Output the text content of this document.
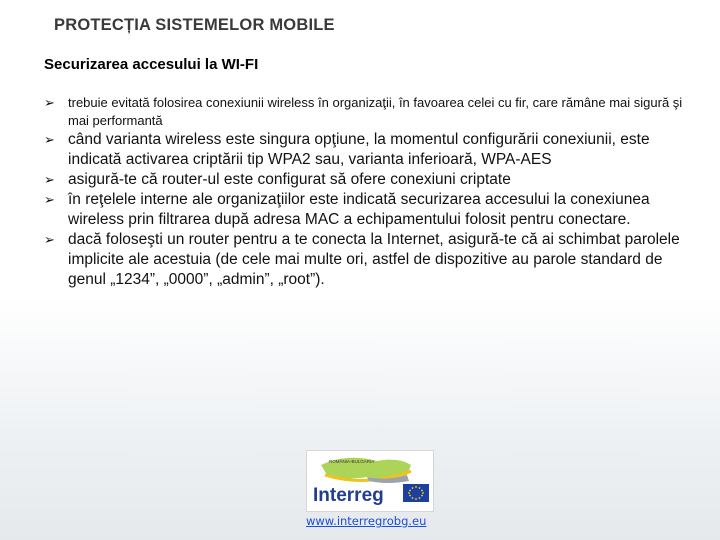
PROTECȚIA SISTEMELOR MOBILE
Securizarea accesului la WI-FI
➢ trebuie evitată folosirea conexiunii wireless în organizaţii, în favoarea celei cu fir, care rămâne mai sigură şi mai performantă
➢ când varianta wireless este singura opţiune, la momentul configurării conexiunii, este indicată activarea criptării tip WPA2 sau, varianta inferioară, WPA-AES
➢ asigură-te că router-ul este configurat să ofere conexiuni criptate
➢ în reţelele interne ale organizaţiilor este indicată securizarea accesului la conexiunea wireless prin filtrarea după adresa MAC a echipamentului folosit pentru conectare.
➢ dacă foloseşti un router pentru a te conecta la Internet, asigură-te că ai schimbat parolele implicite ale acestuia (de cele mai multe ori, astfel de dispozitive au parole standard de genul „1234”, „0000”, „admin”, „root”).
ROMÂNIA-BULGARIA
Interreg
www.interregrobg.eu
